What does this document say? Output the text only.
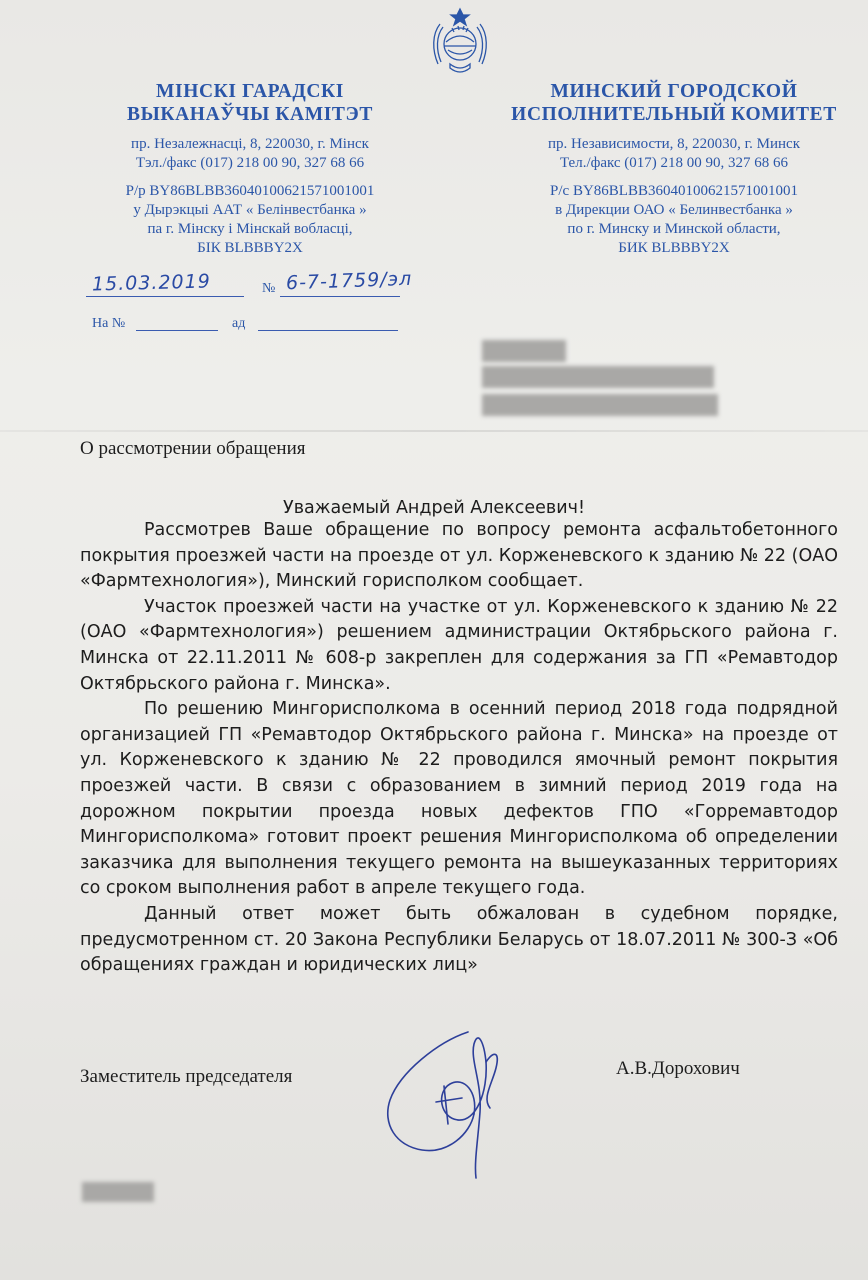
МІНСКІ ГАРАДСКІ
ВЫКАНАЎЧЫ КАМІТЭТ
пр. Незалежнасці, 8, 220030, г. Мінск
Тэл./факс (017) 218 00 90, 327 68 66
Р/р BY86BLBB36040100621571001001
у Дырэкцыі ААТ « Белінвестбанка »
па г. Мінску і Мінскай вобласці,
БІК BLBBBY2X
МИНСКИЙ ГОРОДСКОЙ
ИСПОЛНИТЕЛЬНЫЙ КОМИТЕТ
пр. Независимости, 8, 220030, г. Минск
Тел./факс (017) 218 00 90, 327 68 66
Р/с BY86BLBB36040100621571001001
в Дирекции ОАО « Белинвестбанка »
по г. Минску и Минской области,
БИК BLBBBY2X
15.03.2019	№ 6-7-1759/эл
На №	ад
О рассмотрении обращения
Уважаемый Андрей Алексеевич!

Рассмотрев Ваше обращение по вопросу ремонта асфальтобетонного покрытия проезжей части на проезде от ул. Корженевского к зданию № 22 (ОАО «Фармтехнология»), Минский горисполком сообщает.

Участок проезжей части на участке от ул. Корженевского к зданию № 22 (ОАО «Фармтехнология») решением администрации Октябрьского района г. Минска от 22.11.2011 № 608-р закреплен для содержания за ГП «Ремавтодор Октябрьского района г. Минска».

По решению Мингорисполкома в осенний период 2018 года подрядной организацией ГП «Ремавтодор Октябрьского района г. Минска» на проезде от ул. Корженевского к зданию № 22 проводился ямочный ремонт покрытия проезжей части. В связи с образованием в зимний период 2019 года на дорожном покрытии проезда новых дефектов ГПО «Горремавтодор Мингорисполкома» готовит проект решения Мингорисполкома об определении заказчика для выполнения текущего ремонта на вышеуказанных территориях со сроком выполнения работ в апреле текущего года.

Данный ответ может быть обжалован в судебном порядке, предусмотренном ст. 20 Закона Республики Беларусь от 18.07.2011 № 300-З «Об обращениях граждан и юридических лиц»

Заместитель председателя	А.В.Дорохович
